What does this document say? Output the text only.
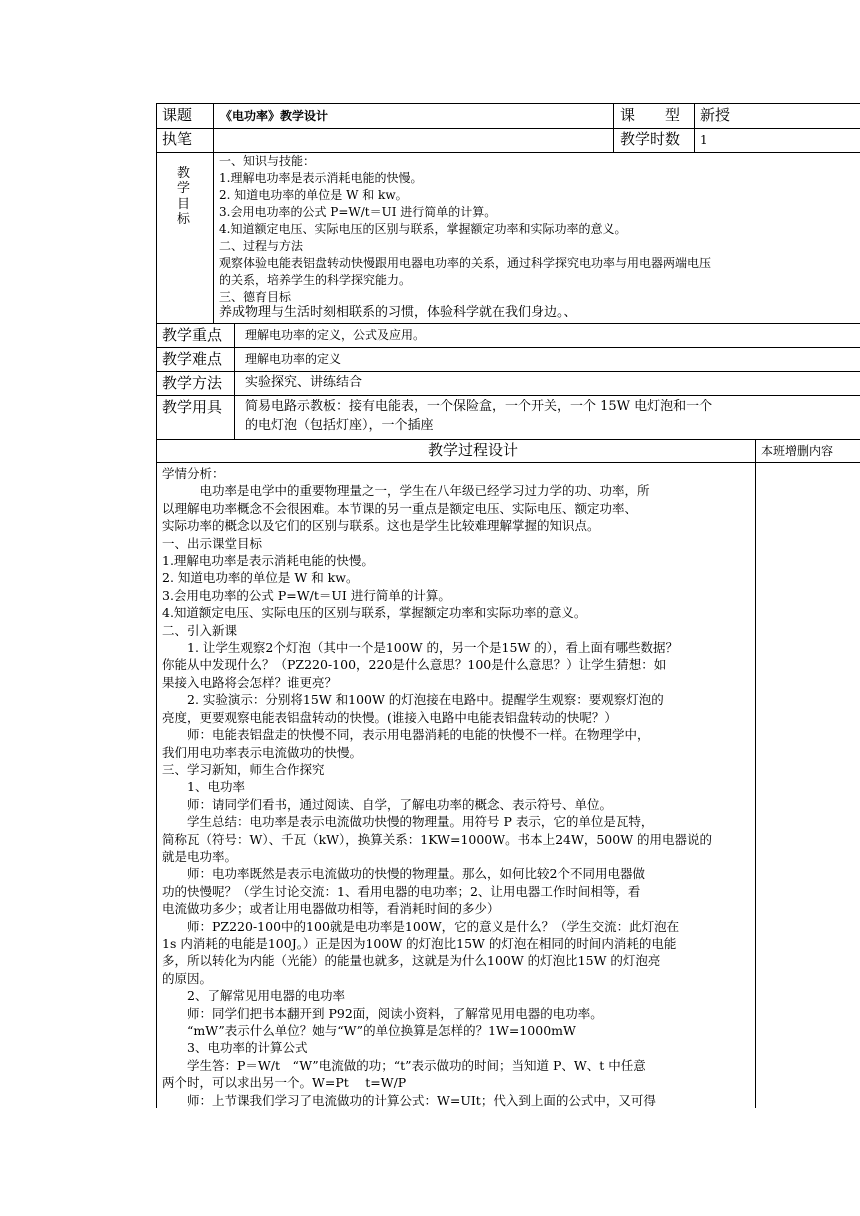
课题 《电功率》教学设计	课　　型 新授
执笔	教学时数 1
教
学
目
标
一、知识与技能：
1.理解电功率是表示消耗电能的快慢。
2. 知道电功率的单位是 W 和 kw。
3.会用电功率的公式 P=W/t＝UI 进行简单的计算。
4.知道额定电压、实际电压的区别与联系，掌握额定功率和实际功率的意义。
二、过程与方法
观察体验电能表铝盘转动快慢跟用电器电功率的关系，通过科学探究电功率与用电器两端电压
的关系，培养学生的科学探究能力。
三、德育目标
养成物理与生活时刻相联系的习惯，体验科学就在我们身边。、
教学重点 理解电功率的定义，公式及应用。
教学难点 理解电功率的定义
教学方法 实验探究、讲练结合
教学用具 简易电路示教板：接有电能表，一个保险盒，一个开关，一个 15W 电灯泡和一个
的电灯泡（包括灯座），一个插座
教学过程设计	本班增删内容
学情分析：
　　　电功率是电学中的重要物理量之一，学生在八年级已经学习过力学的功、功率，所
以理解电功率概念不会很困难。本节课的另一重点是额定电压、实际电压、额定功率、
实际功率的概念以及它们的区别与联系。这也是学生比较难理解掌握的知识点。
一、出示课堂目标
1.理解电功率是表示消耗电能的快慢。
2. 知道电功率的单位是 W 和 kw。
3.会用电功率的公式 P=W/t＝UI 进行简单的计算。
4.知道额定电压、实际电压的区别与联系，掌握额定功率和实际功率的意义。
二、引入新课
　　1. 让学生观察2个灯泡（其中一个是100W 的，另一个是15W 的），看上面有哪些数据？
你能从中发现什么？（PZ220-100，220是什么意思？100是什么意思？）让学生猜想：如
果接入电路将会怎样？谁更亮？
　　2. 实验演示：分别将15W 和100W 的灯泡接在电路中。提醒学生观察：要观察灯泡的
亮度，更要观察电能表铝盘转动的快慢。(谁接入电路中电能表铝盘转动的快呢？）
　　师：电能表铝盘走的快慢不同，表示用电器消耗的电能的快慢不一样。在物理学中，
我们用电功率表示电流做功的快慢。
三、学习新知，师生合作探究
　　1、电功率
　　师：请同学们看书，通过阅读、自学，了解电功率的概念、表示符号、单位。
　　学生总结：电功率是表示电流做功快慢的物理量。用符号 P 表示，它的单位是瓦特，
简称瓦（符号：W）、千瓦（kW），换算关系：1KW=1000W。书本上24W，500W 的用电器说的
就是电功率。
　　师：电功率既然是表示电流做功的快慢的物理量。那么，如何比较2个不同用电器做
功的快慢呢？（学生讨论交流：1、看用电器的电功率；2、让用电器工作时间相等，看
电流做功多少；或者让用电器做功相等，看消耗时间的多少）
　　师：PZ220-100中的100就是电功率是100W，它的意义是什么？（学生交流：此灯泡在
1s 内消耗的电能是100J。）正是因为100W 的灯泡比15W 的灯泡在相同的时间内消耗的电能
多，所以转化为内能（光能）的能量也就多，这就是为什么100W 的灯泡比15W 的灯泡亮
的原因。
　　2、了解常见用电器的电功率
　　师：同学们把书本翻开到 P92面，阅读小资料，了解常见用电器的电功率。
　　“mW”表示什么单位？她与“W”的单位换算是怎样的？1W=1000mW
　　3、电功率的计算公式
　　学生答：P＝W/t　“W”电流做的功；“t”表示做功的时间；当知道 P、W、t 中任意
两个时，可以求出另一个。W=Pt　 t=W/P
　　师：上节课我们学习了电流做功的计算公式：W=UIt；代入到上面的公式中，又可得
